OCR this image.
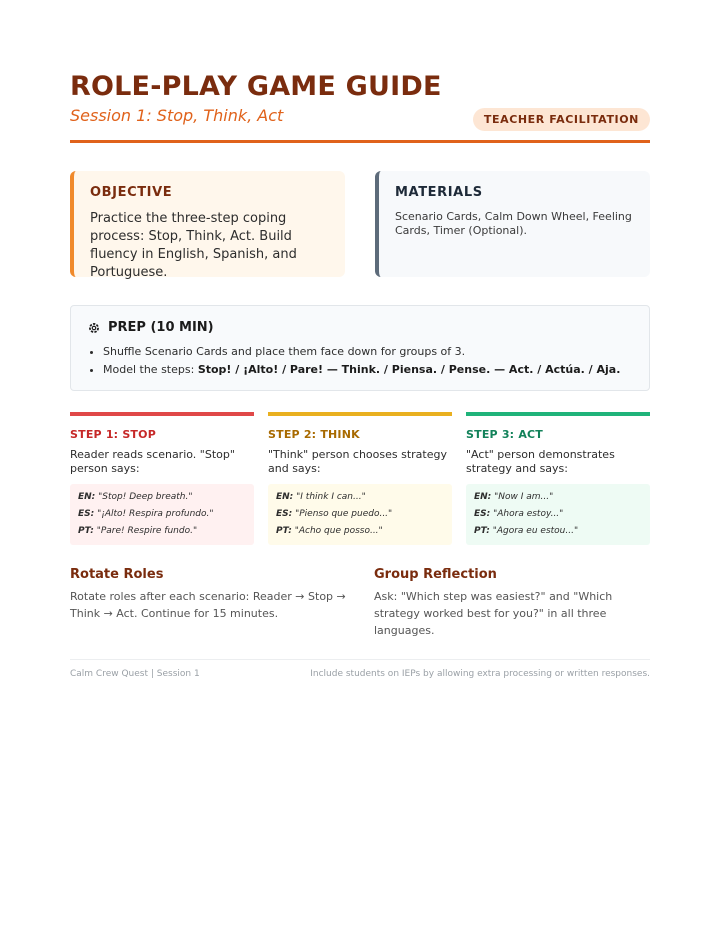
ROLE-PLAY GAME GUIDE
Session 1: Stop, Think, Act	TEACHER FACILITATION
OBJECTIVE
Practice the three-step coping process: Stop, Think, Act. Build fluency in English, Spanish, and Portuguese.
MATERIALS
Scenario Cards, Calm Down Wheel, Feeling Cards, Timer (Optional).
PREP (10 MIN)
• Shuffle Scenario Cards and place them face down for groups of 3.
• Model the steps: Stop! / ¡Alto! / Pare! — Think. / Piensa. / Pense. — Act. / Actúa. / Aja.
STEP 1: STOP
Reader reads scenario. "Stop" person says:
EN: "Stop! Deep breath."
ES: "¡Alto! Respira profundo."
PT: "Pare! Respire fundo."
STEP 2: THINK
"Think" person chooses strategy and says:
EN: "I think I can..."
ES: "Pienso que puedo..."
PT: "Acho que posso..."
STEP 3: ACT
"Act" person demonstrates strategy and says:
EN: "Now I am..."
ES: "Ahora estoy..."
PT: "Agora eu estou..."
Rotate Roles
Rotate roles after each scenario: Reader → Stop → Think → Act. Continue for 15 minutes.
Group Reflection
Ask: "Which step was easiest?" and "Which strategy worked best for you?" in all three languages.
Calm Crew Quest | Session 1	Include students on IEPs by allowing extra processing or written responses.
